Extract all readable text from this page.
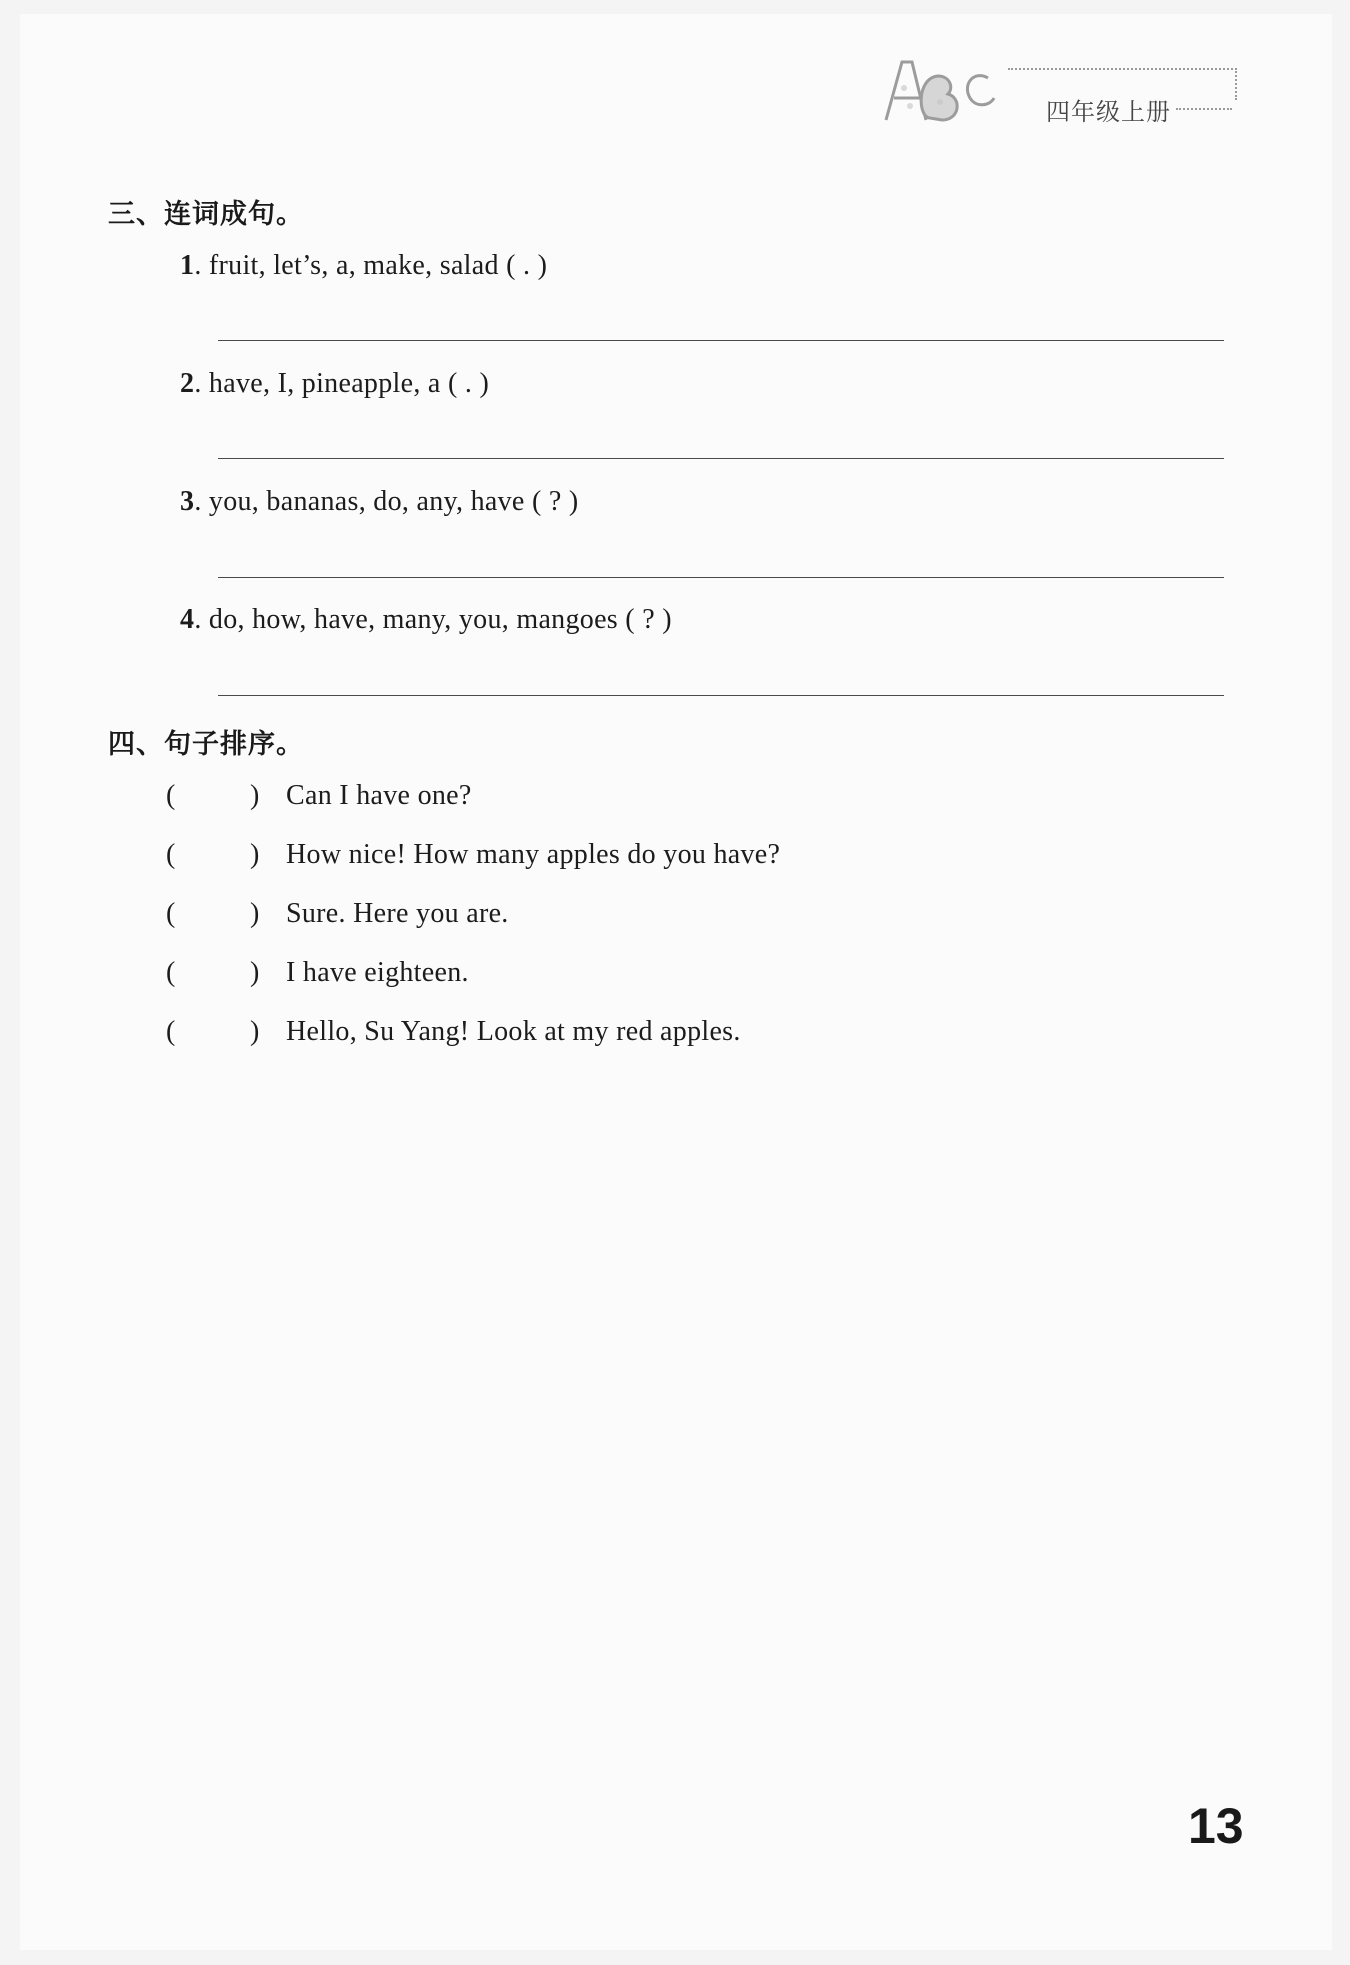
四年级上册
三、连词成句。
1. fruit, let’s, a, make, salad ( . )
2. have, I, pineapple, a ( . )
3. you, bananas, do, any, have ( ? )
4. do, how, have, many, you, mangoes ( ? )
四、句子排序。
(	) Can I have one?
(	) How nice! How many apples do you have?
(	) Sure. Here you are.
(	) I have eighteen.
(	) Hello, Su Yang! Look at my red apples.
13
